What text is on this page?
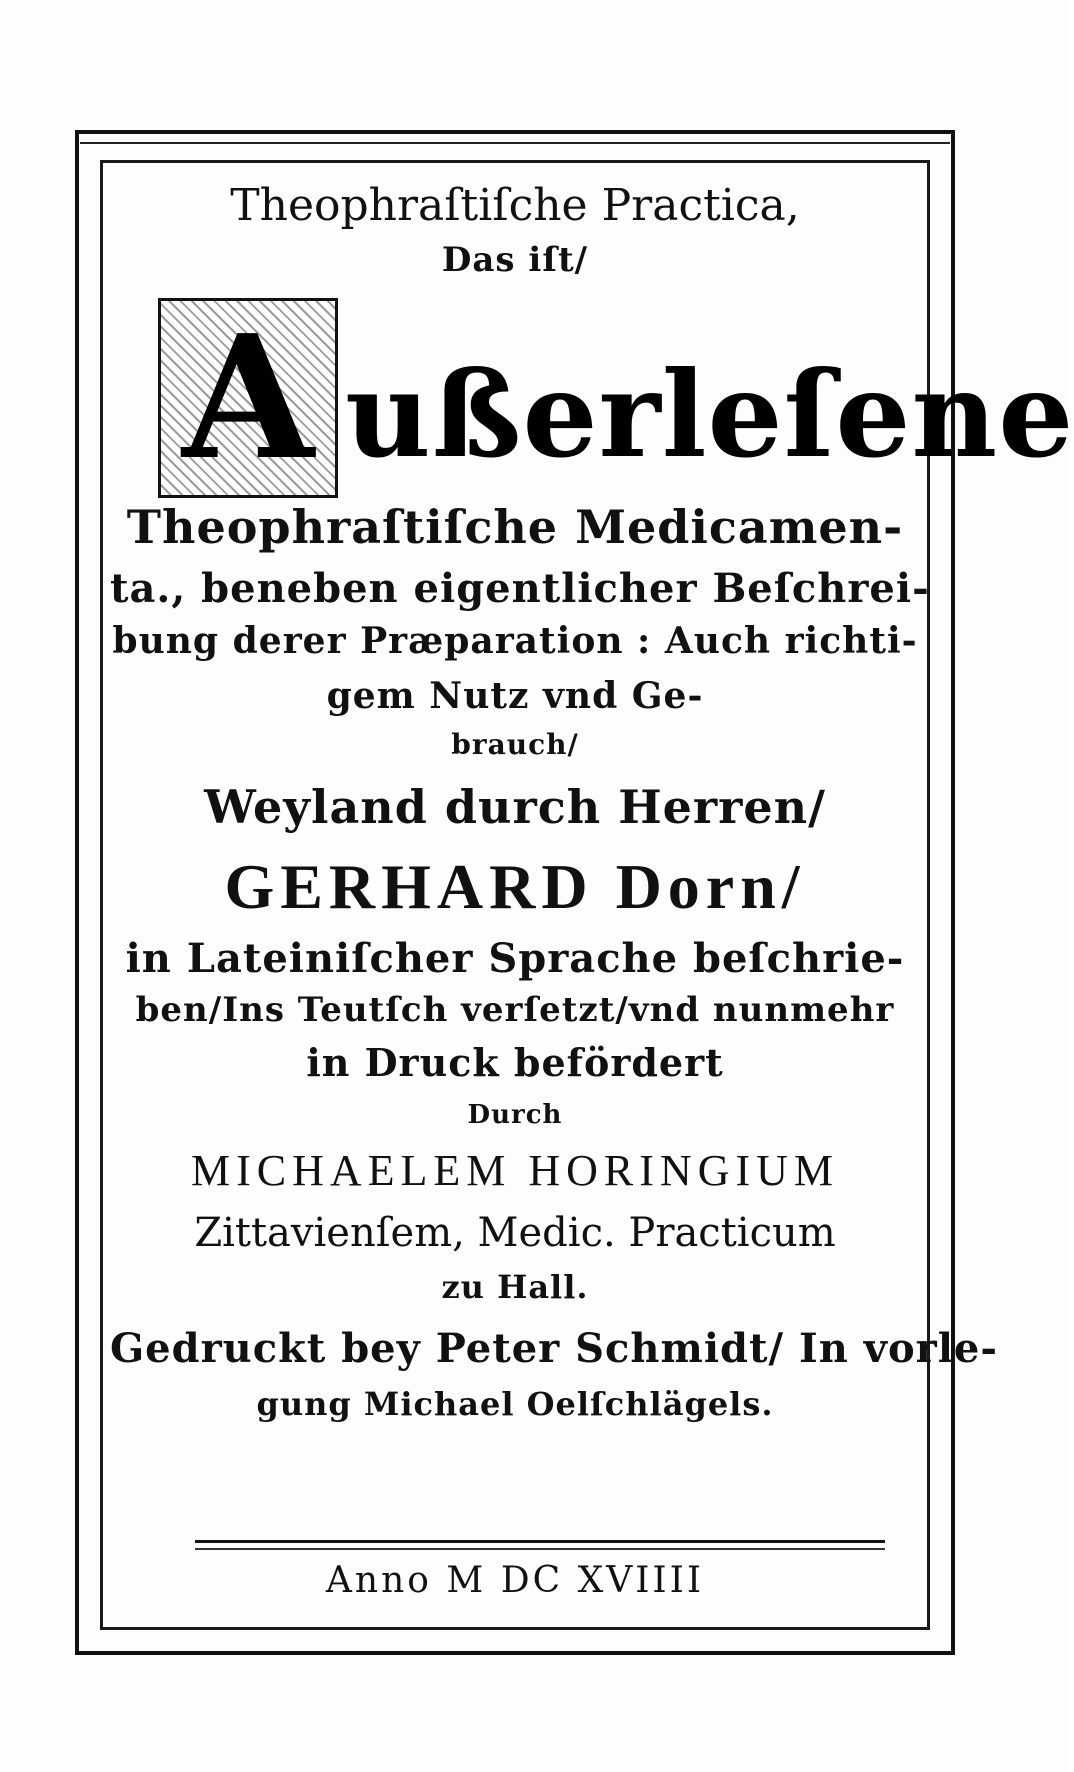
Theophraſtiſche Practica,
Das iſt/
A ußerleſene
Theophraſtiſche Medicamen-
ta., beneben eigentlicher Beſchrei-
bung derer Præparation : Auch richti-
gem Nutz vnd Ge-
brauch/
Weyland durch Herren/
GERHARD Dorn/
in Lateiniſcher Sprache beſchrie-
ben/Ins Teutſch verſetzt/vnd nunmehr
in Druck befördert
Durch
MICHAELEM HORINGIUM
Zittavienſem, Medic. Practicum
zu Hall.
Gedruckt bey Peter Schmidt/ In vorle-
gung Michael Oelſchlägels.
Anno M DC XVIIII
